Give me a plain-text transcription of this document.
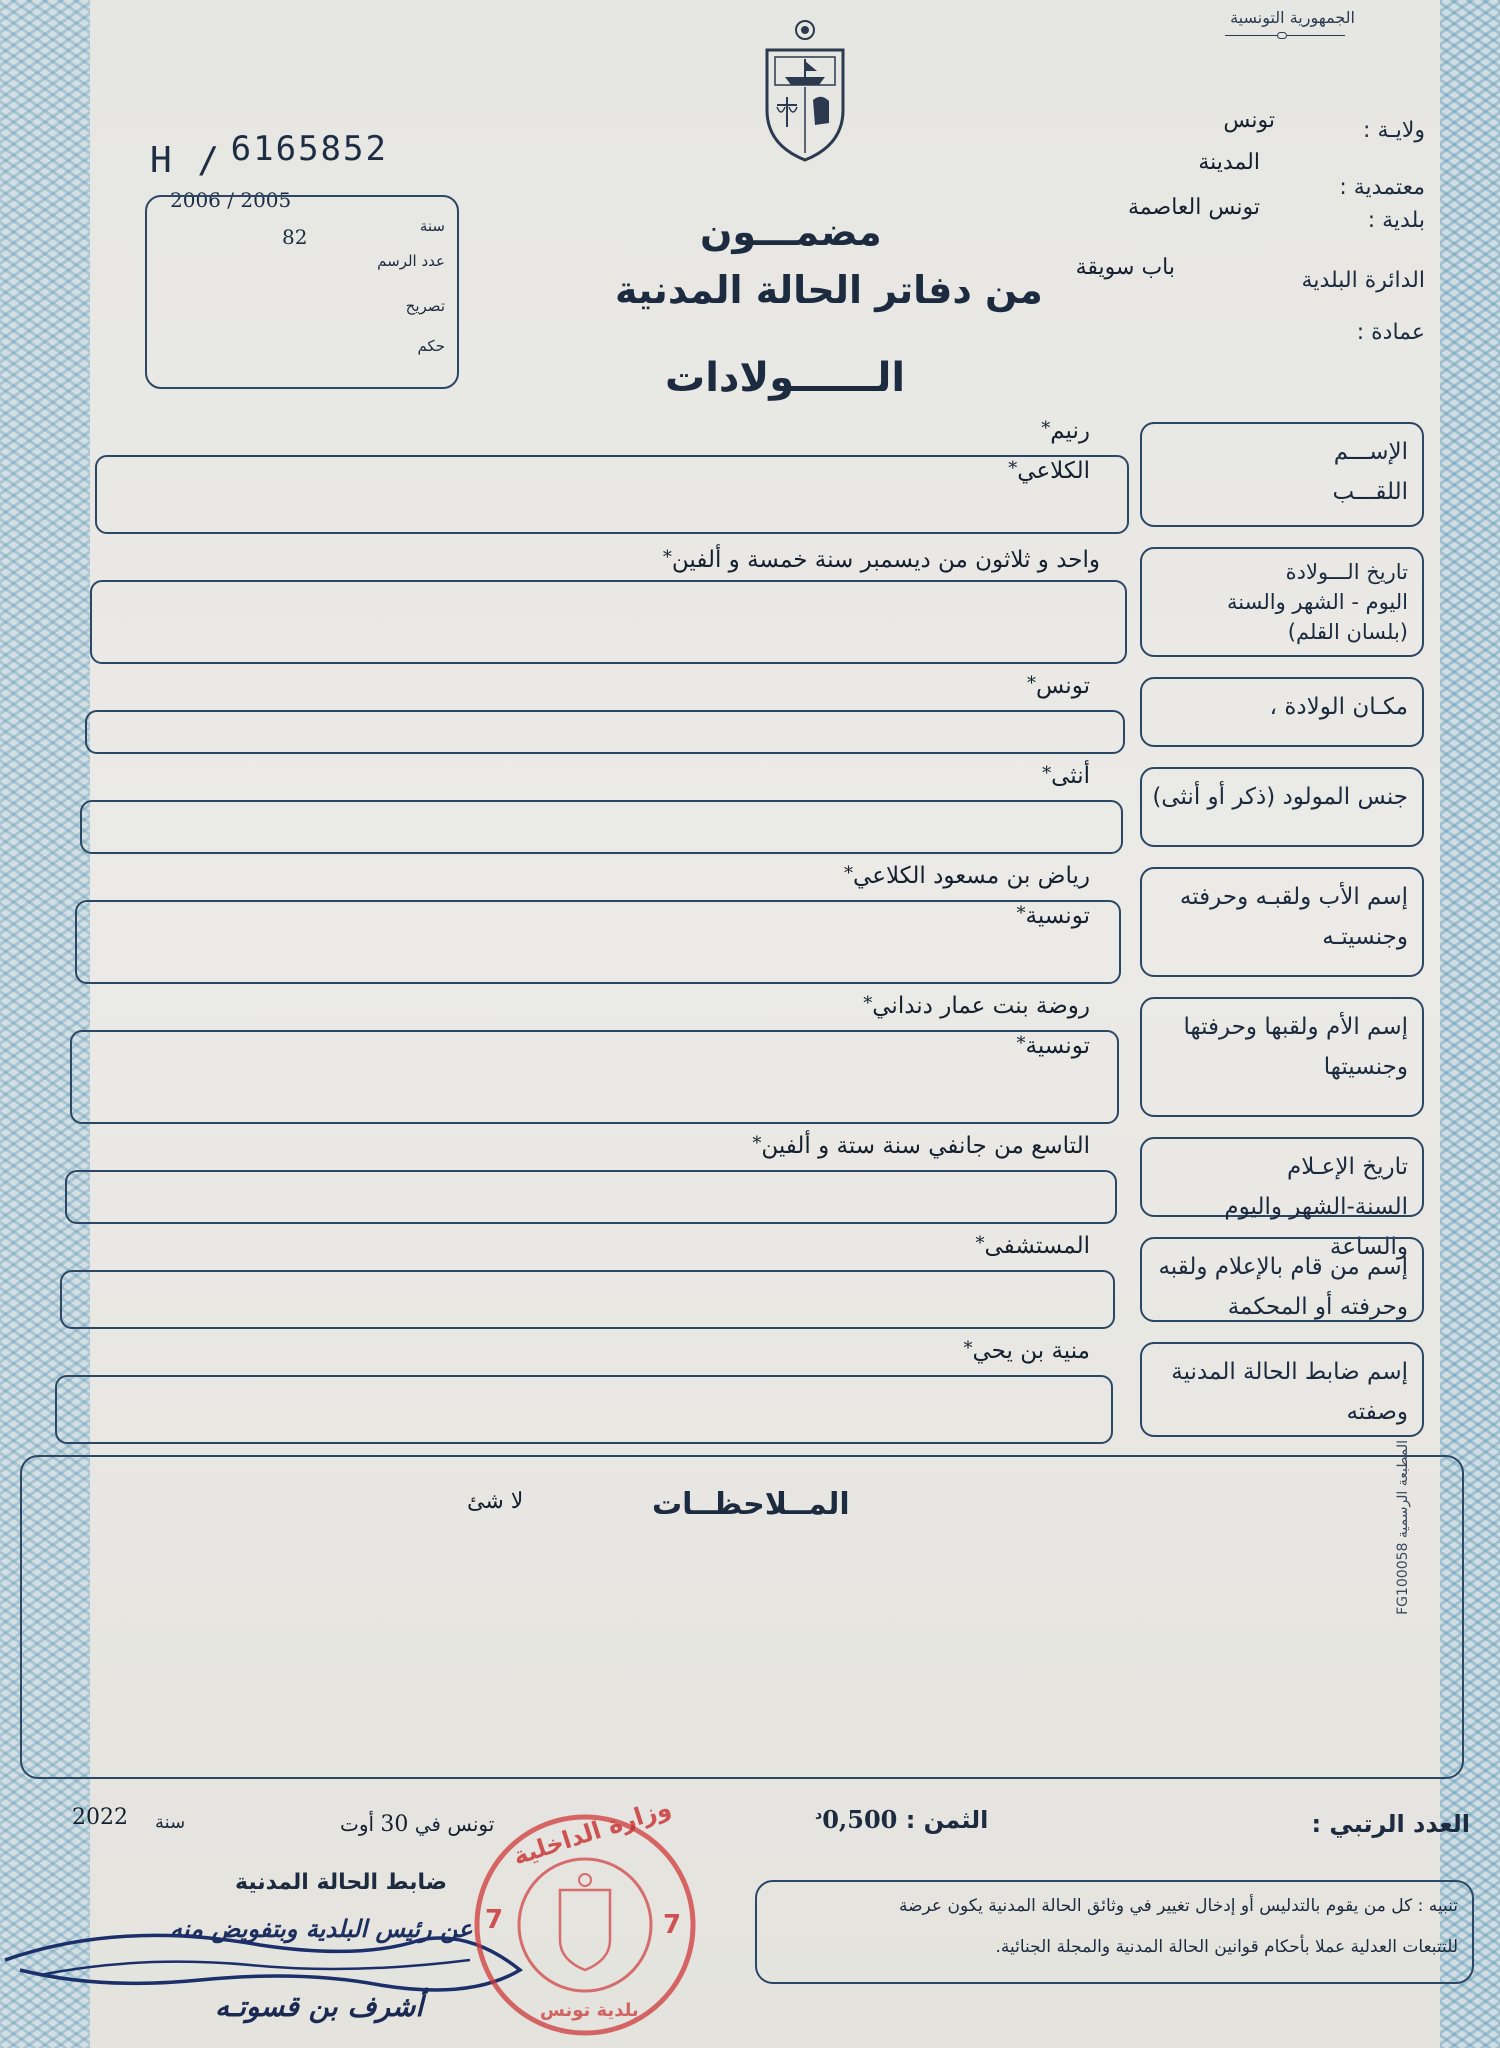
الجمهورية التونسية
H / 6165852
2006 / 2005
سنة
82
عدد الرسم
تصريح
حكم
مضمـــون
من دفاتر الحالة المدنية
الــــــولادات
ولايـة :
تونس
معتمدية :
المدينة
بلدية :
تونس العاصمة
باب سويقة
الدائرة البلدية
عمادة :
الإســـم
اللقـــب
رنيم*
الكلاعي*
تاريخ الـــولادة
اليوم - الشهر والسنة
(بلسان القلم)
واحد و ثلاثون من ديسمبر سنة خمسة و ألفين*
مكـان الولادة ،
تونس*
جنس المولود (ذكر أو أنثى)
أنثى*
إسم الأب ولقبـه وحرفته
وجنسيتـه
رياض بن مسعود الكلاعي*
تونسية*
إسم الأم ولقبها وحرفتها
وجنسيتها
روضة بنت عمار دنداني*
تونسية*
تاريخ الإعـلام
السنة-الشهر واليوم والساعة
التاسع من جانفي سنة ستة و ألفين*
إسم من قام بالإعلام ولقبه
وحرفته أو المحكمة
المستشفى*
إسم ضابط الحالة المدنية
وصفته
منية بن يحي*
المــلاحظــات
لا شئ
المطبعة الرسمية FG100058
العدد الرتبي :
الثمن : $0,500^د$
تونس في 30 أوت
سنة
2022
ضابط الحالة المدنية
عن رئيس البلدية وبتفويض منه
أشرف بن قسوتـه
وزارة الداخلية
بلدية تونس
7	7
تنبيه : كل من يقوم بالتدليس أو إدخال تغيير في وثائق الحالة المدنية يكون عرضة
للتتبعات العدلية عملا بأحكام قوانين الحالة المدنية والمجلة الجنائية.
